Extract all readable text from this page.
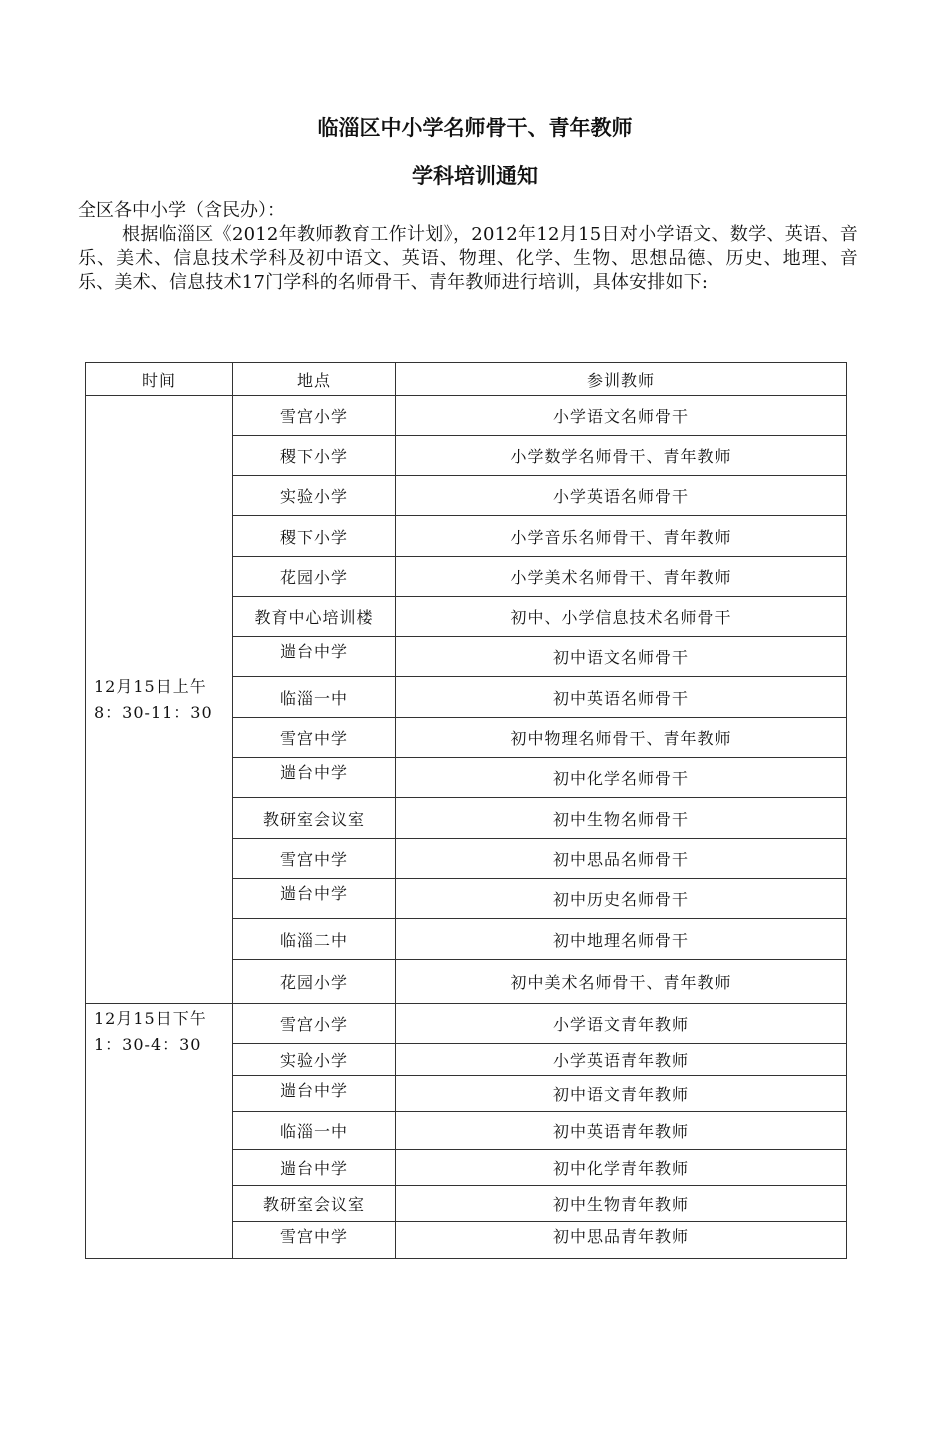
临淄区中小学名师骨干、青年教师
学科培训通知
全区各中小学（含民办）：
根据临淄区《2012年教师教育工作计划》，2012年12月15日对小学语文、数学、英语、音乐、美术、信息技术学科及初中语文、英语、物理、化学、生物、思想品德、历史、地理、音乐、美术、信息技术17门学科的名师骨干、青年教师进行培训，具体安排如下:
时间	地点	参训教师
12月15日上午
8：30-11：30	雪宫小学	小学语文名师骨干
	稷下小学	小学数学名师骨干、青年教师
	实验小学	小学英语名师骨干
	稷下小学	小学音乐名师骨干、青年教师
	花园小学	小学美术名师骨干、青年教师
	教育中心培训楼	初中、小学信息技术名师骨干
	遄台中学	初中语文名师骨干
	临淄一中	初中英语名师骨干
	雪宫中学	初中物理名师骨干、青年教师
	遄台中学	初中化学名师骨干
	教研室会议室	初中生物名师骨干
	雪宫中学	初中思品名师骨干
	遄台中学	初中历史名师骨干
	临淄二中	初中地理名师骨干
	花园小学	初中美术名师骨干、青年教师
12月15日下午
1：30-4：30	雪宫小学	小学语文青年教师
	实验小学	小学英语青年教师
	遄台中学	初中语文青年教师
	临淄一中	初中英语青年教师
	遄台中学	初中化学青年教师
	教研室会议室	初中生物青年教师
	雪宫中学	初中思品青年教师
